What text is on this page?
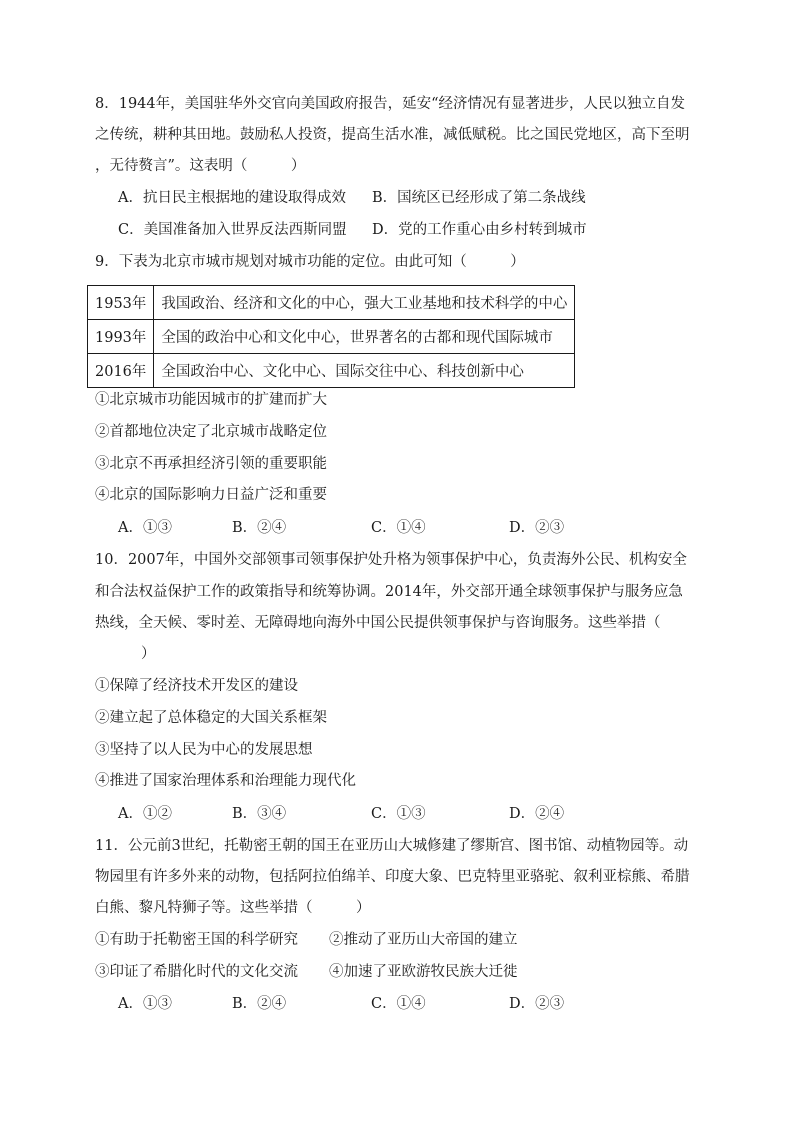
8．1944年，美国驻华外交官向美国政府报告，延安“经济情况有显著进步，人民以独立自发
之传统，耕种其田地。鼓励私人投资，提高生活水准，减低赋税。比之国民党地区，高下至明
，无待赘言”。这表明（　　　）
A．抗日民主根据地的建设取得成效 B．国统区已经形成了第二条战线
C．美国准备加入世界反法西斯同盟 D．党的工作重心由乡村转到城市
9．下表为北京市城市规划对城市功能的定位。由此可知（　　　）
1953年	我国政治、经济和文化的中心，强大工业基地和技术科学的中心
1993年	全国的政治中心和文化中心，世界著名的古都和现代国际城市
2016年	全国政治中心、文化中心、国际交往中心、科技创新中心
①北京城市功能因城市的扩建而扩大
②首都地位决定了北京城市战略定位
③北京不再承担经济引领的重要职能
④北京的国际影响力日益广泛和重要
A．①③	B．②④	C．①④	D．②③
10．2007年，中国外交部领事司领事保护处升格为领事保护中心，负责海外公民、机构安全
和合法权益保护工作的政策指导和统筹协调。2014年，外交部开通全球领事保护与服务应急
热线，全天候、零时差、无障碍地向海外中国公民提供领事保护与咨询服务。这些举措（
）
①保障了经济技术开发区的建设
②建立起了总体稳定的大国关系框架
③坚持了以人民为中心的发展思想
④推进了国家治理体系和治理能力现代化
A．①②	B．③④	C．①③	D．②④
11．公元前3世纪，托勒密王朝的国王在亚历山大城修建了缪斯宫、图书馆、动植物园等。动
物园里有许多外来的动物，包括阿拉伯绵羊、印度大象、巴克特里亚骆驼、叙利亚棕熊、希腊
白熊、黎凡特狮子等。这些举措（　　　）
①有助于托勒密王国的科学研究 ②推动了亚历山大帝国的建立
③印证了希腊化时代的文化交流 ④加速了亚欧游牧民族大迁徙
A．①③	B．②④	C．①④	D．②③
